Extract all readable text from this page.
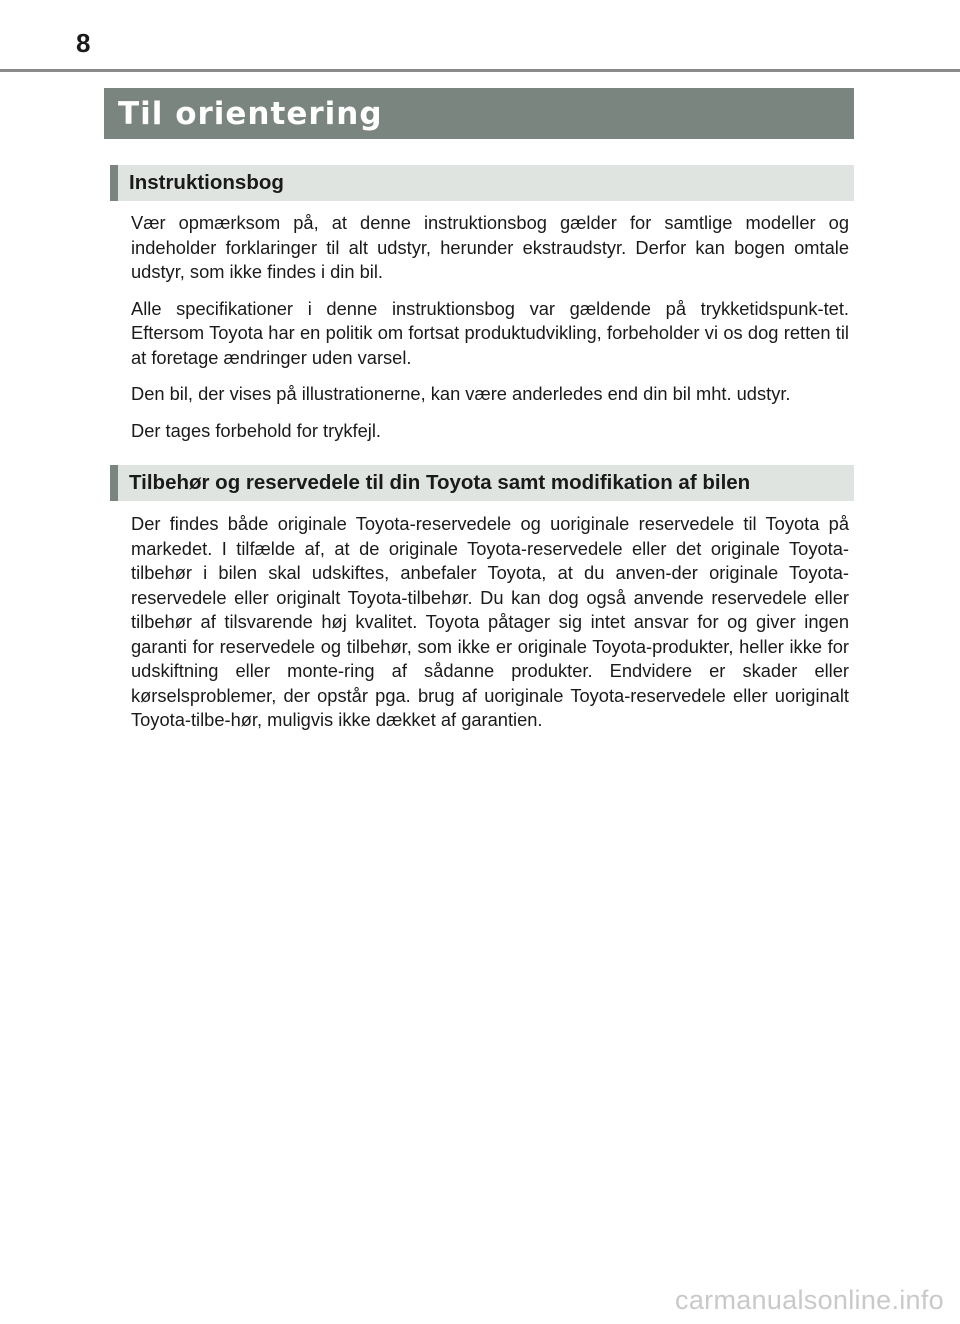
8
Til orientering
Instruktionsbog

Vær opmærksom på, at denne instruktionsbog gælder for samtlige modeller og indeholder forklaringer til alt udstyr, herunder ekstraudstyr. Derfor kan bogen omtale udstyr, som ikke findes i din bil.

Alle specifikationer i denne instruktionsbog var gældende på trykketidspunk-tet. Eftersom Toyota har en politik om fortsat produktudvikling, forbeholder vi os dog retten til at foretage ændringer uden varsel.

Den bil, der vises på illustrationerne, kan være anderledes end din bil mht. udstyr.

Der tages forbehold for trykfejl.

Tilbehør og reservedele til din Toyota samt modifikation af bilen

Der findes både originale Toyota-reservedele og uoriginale reservedele til Toyota på markedet. I tilfælde af, at de originale Toyota-reservedele eller det originale Toyota-tilbehør i bilen skal udskiftes, anbefaler Toyota, at du anven-der originale Toyota-reservedele eller originalt Toyota-tilbehør. Du kan dog også anvende reservedele eller tilbehør af tilsvarende høj kvalitet. Toyota påtager sig intet ansvar for og giver ingen garanti for reservedele og tilbehør, som ikke er originale Toyota-produkter, heller ikke for udskiftning eller monte-ring af sådanne produkter. Endvidere er skader eller kørselsproblemer, der opstår pga. brug af uoriginale Toyota-reservedele eller uoriginalt Toyota-tilbe-hør, muligvis ikke dækket af garantien.

carmanualsonline.info
